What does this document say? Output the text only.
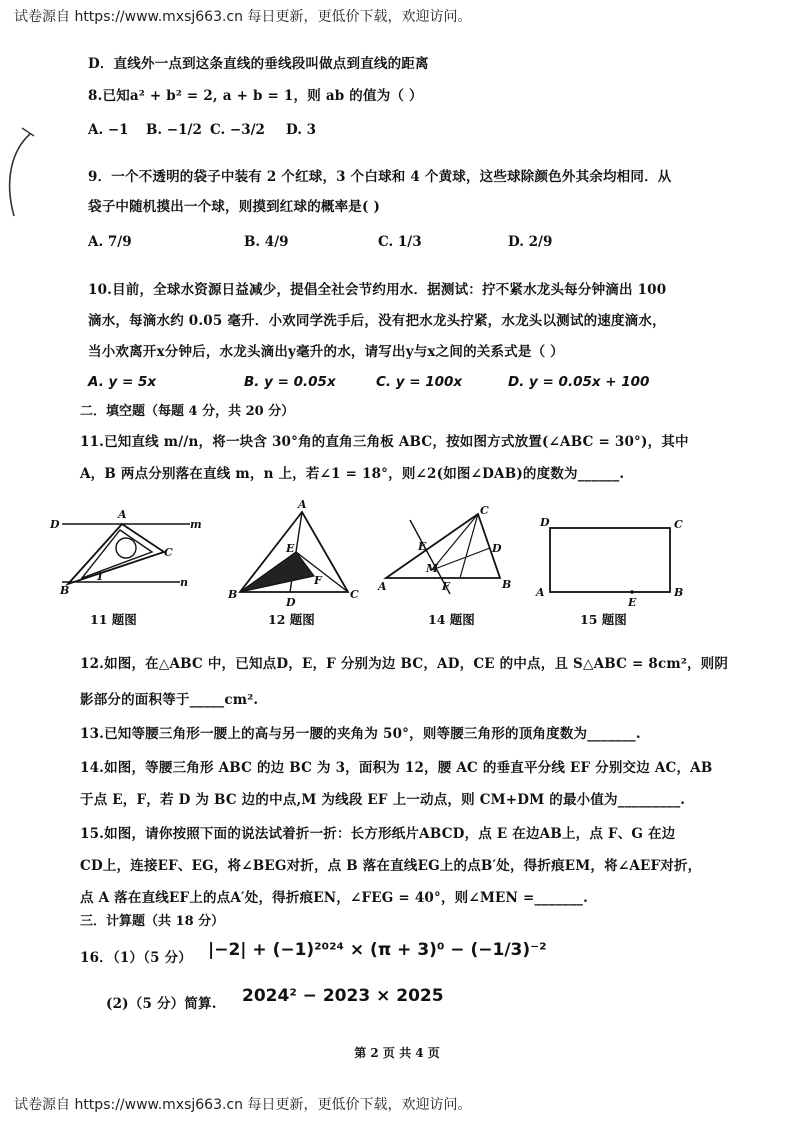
试卷源自 https://www.mxsj663.cn 每日更新，更低价下载，欢迎访问。
D．直线外一点到这条直线的垂线段叫做点到直线的距离
8.已知a² + b² = 2, a + b = 1，则 ab 的值为（ ）
A. −1 B. −1/2 C. −3/2 D. 3
9．一个不透明的袋子中装有 2 个红球，3 个白球和 4 个黄球，这些球除颜色外其余均相同．从
袋子中随机摸出一个球，则摸到红球的概率是( )
A. 7/9	B. 4/9	C. 1/3	D. 2/9
10.目前，全球水资源日益减少，提倡全社会节约用水．据测试：拧不紧水龙头每分钟滴出 100
滴水，每滴水约 0.05 毫升．小欢同学洗手后，没有把水龙头拧紧，水龙头以测试的速度滴水，
当小欢离开x分钟后，水龙头滴出y毫升的水，请写出y与x之间的关系式是（ ）
A. y = 5x	B. y = 0.05x	C. y = 100x	D. y = 0.05x + 100
二．填空题（每题 4 分，共 20 分）
11.已知直线 m//n，将一块含 30°角的直角三角板 ABC，按如图方式放置(∠ABC = 30°)，其中
A，B 两点分别落在直线 m，n 上，若∠1 = 18°，则∠2(如图∠DAB)的度数为______.
D
A
m
C
B
n
1
A
E
F
B
D
C
C
E	D
M
A	F	B
D	C
A
E
B
11 题图	12 题图	14 题图	15 题图
12.如图，在△ABC 中，已知点D，E，F 分别为边 BC，AD，CE 的中点，且 S△ABC = 8cm²，则阴
影部分的面积等于_____cm².
13.已知等腰三角形一腰上的高与另一腰的夹角为 50°，则等腰三角形的顶角度数为_______.
14.如图，等腰三角形 ABC 的边 BC 为 3，面积为 12，腰 AC 的垂直平分线 EF 分别交边 AC，AB
于点 E，F，若 D 为 BC 边的中点,M 为线段 EF 上一动点，则 CM+DM 的最小值为_________.
15.如图，请你按照下面的说法试着折一折：长方形纸片ABCD，点 E 在边AB上，点 F、G 在边
CD上，连接EF、EG，将∠BEG对折，点 B 落在直线EG上的点B′处，得折痕EM，将∠AEF对折，
点 A 落在直线EF上的点A′处，得折痕EN，∠FEG = 40°，则∠MEN =_______.
三．计算题（共 18 分）
16．（1）（5 分） |−2| + (−1)²⁰²⁴ × (π + 3)⁰ − (−1/3)⁻²
(2)（5 分）简算. 2024² − 2023 × 2025
第 2 页 共 4 页
试卷源自 https://www.mxsj663.cn 每日更新，更低价下载，欢迎访问。
